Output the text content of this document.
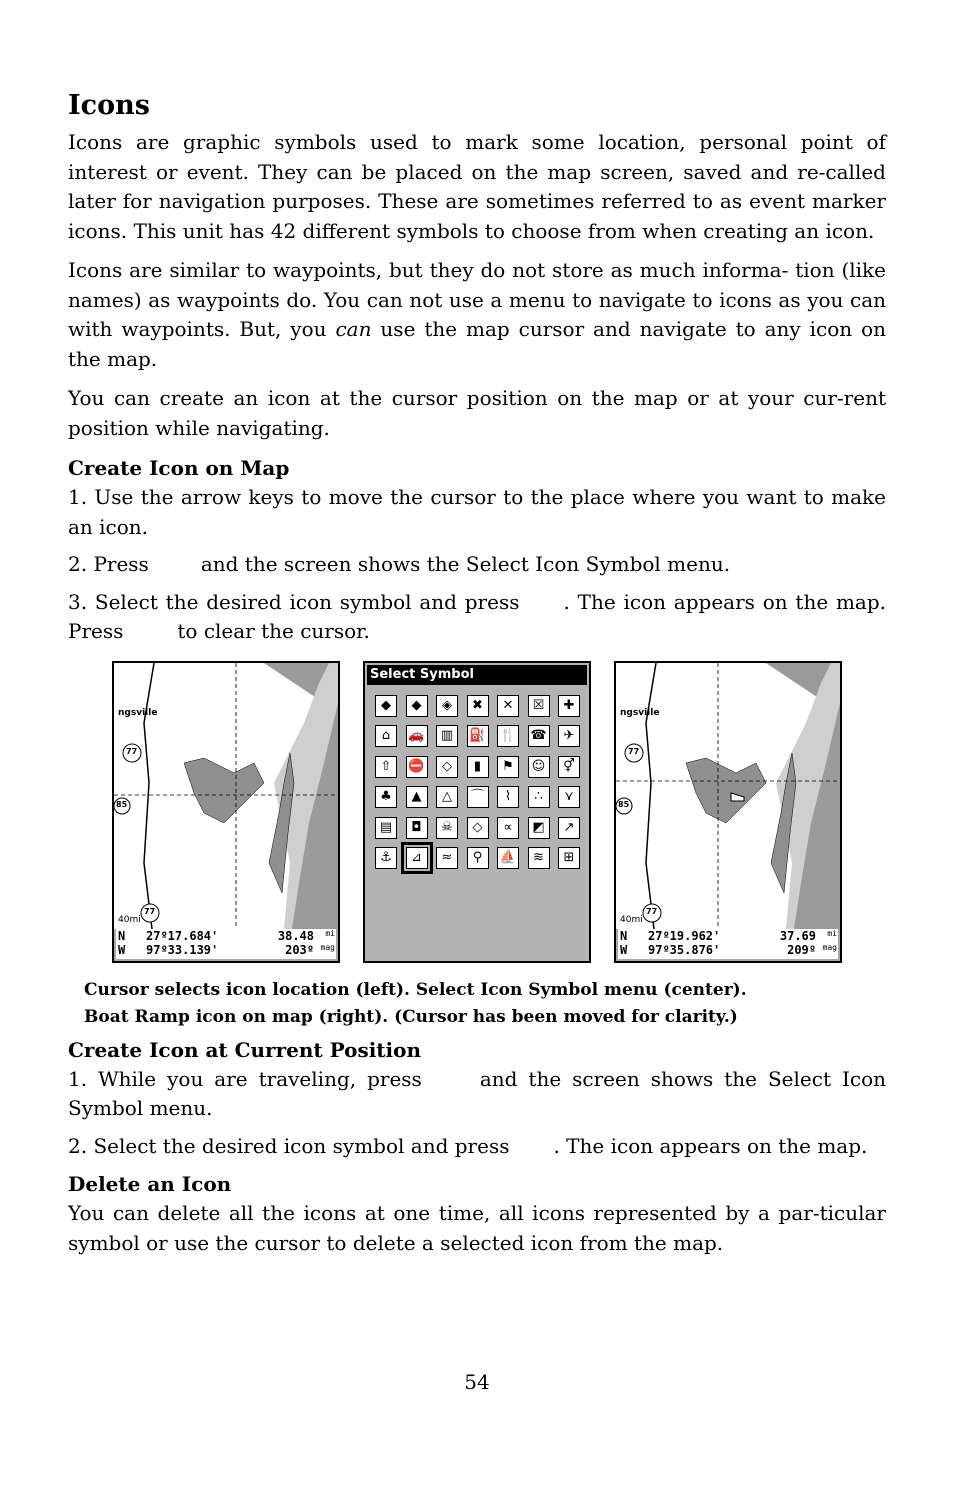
Icons

Icons are graphic symbols used to mark some location, personal point of interest or event. They can be placed on the map screen, saved and re-called later for navigation purposes. These are sometimes referred to as event marker icons. This unit has 42 different symbols to choose from when creating an icon.

Icons are similar to waypoints, but they do not store as much informa- tion (like names) as waypoints do. You can not use a menu to navigate to icons as you can with waypoints. But, you can use the map cursor and navigate to any icon on the map.

You can create an icon at the cursor position on the map or at your cur-rent position while navigating.

Create Icon on Map

1. Use the arrow keys to move the cursor to the place where you want to make an icon.

2. Press	and the screen shows the Select Icon Symbol menu.

3. Select the desired icon symbol and press . The icon appears on the map. Press	to clear the cursor.

ngsville
77
85
77
40mi
N 27º17.684'	38.48 mi
W 97º33.139'	203º mag
Select Symbol
◆	◆	◈	✖	✕	☒	✚
⌂	🚗	▥	⛽ 🍴 ☎	✈
⇧	⛔	◇	▮	⚑	☺	⚥
♣	▲	△	⌒	⌇	∴	⋎
▤	◘	☠	◇	∝	◩	↗
⚓	⊿	≈	⚲	⛵	≋	⊞
ngsville
77
85
77
40mi
N 27º19.962'	37.69 mi
W 97º35.876'	209º mag
Cursor selects icon location (left). Select Icon Symbol menu (center).
Boat Ramp icon on map (right). (Cursor has been moved for clarity.)
Create Icon at Current Position

1. While you are traveling, press	and the screen shows the Select Icon Symbol menu.

2. Select the desired icon symbol and press . The icon appears on the map.

Delete an Icon

You can delete all the icons at one time, all icons represented by a par-ticular symbol or use the cursor to delete a selected icon from the map.

54
